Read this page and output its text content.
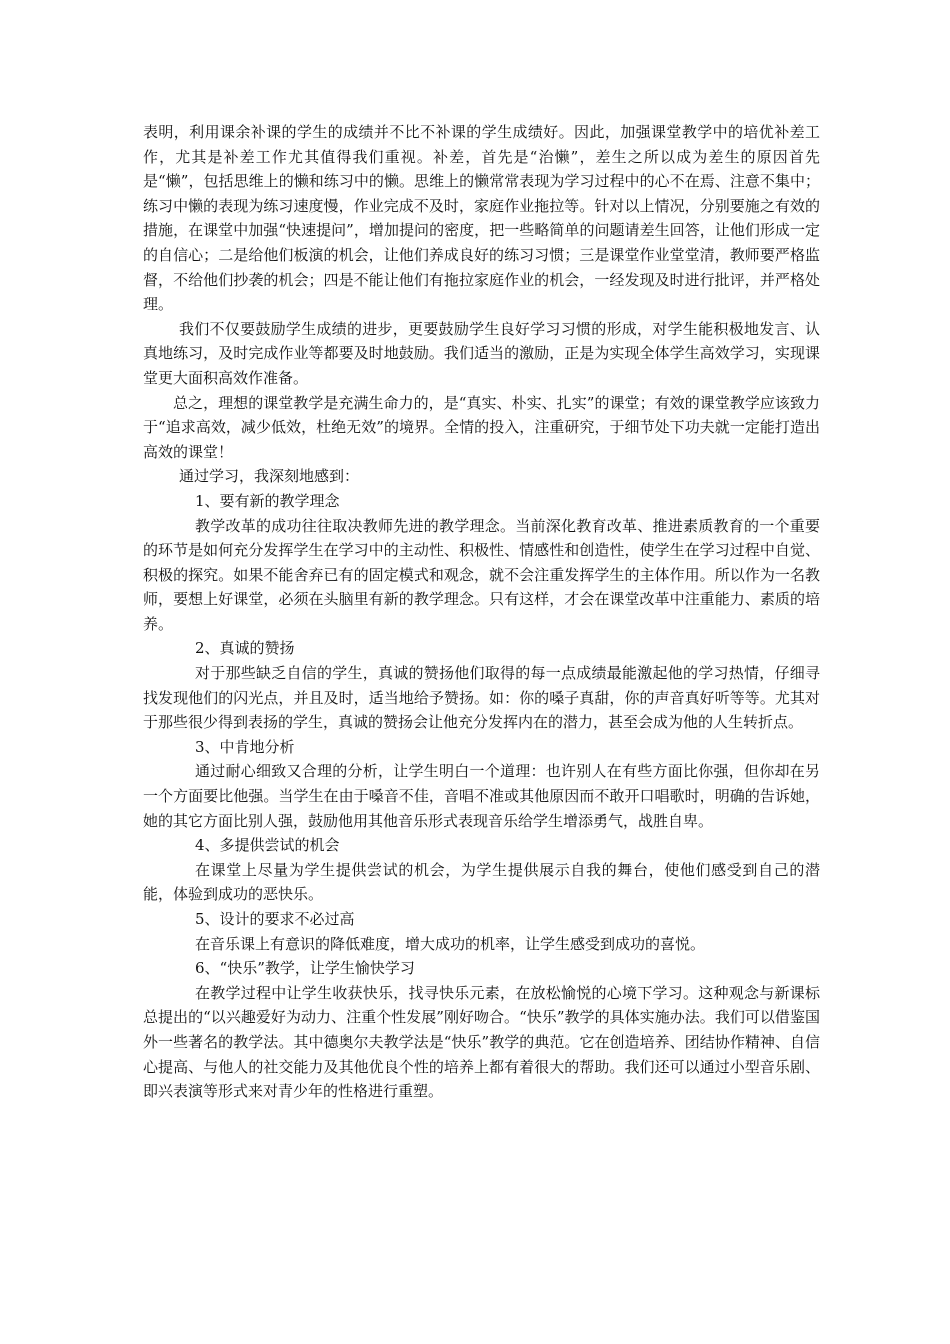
表明，利用课余补课的学生的成绩并不比不补课的学生成绩好。因此，加强课堂教学中的培优补差工作，尤其是补差工作尤其值得我们重视。补差，首先是“治懒”，差生之所以成为差生的原因首先是“懒”，包括思维上的懒和练习中的懒。思维上的懒常常表现为学习过程中的心不在焉、注意不集中；练习中懒的表现为练习速度慢，作业完成不及时，家庭作业拖拉等。针对以上情况，分别要施之有效的措施，在课堂中加强“快速提问”，增加提问的密度，把一些略简单的问题请差生回答，让他们形成一定的自信心；二是给他们板演的机会，让他们养成良好的练习习惯；三是课堂作业堂堂清，教师要严格监督，不给他们抄袭的机会；四是不能让他们有拖拉家庭作业的机会，一经发现及时进行批评，并严格处理。

我们不仅要鼓励学生成绩的进步，更要鼓励学生良好学习习惯的形成，对学生能积极地发言、认真地练习，及时完成作业等都要及时地鼓励。我们适当的激励，正是为实现全体学生高效学习，实现课堂更大面积高效作准备。

总之，理想的课堂教学是充满生命力的，是“真实、朴实、扎实”的课堂；有效的课堂教学应该致力于“追求高效，减少低效，杜绝无效”的境界。全情的投入，注重研究，于细节处下功夫就一定能打造出高效的课堂！

通过学习，我深刻地感到：

1、要有新的教学理念

教学改革的成功往往取决教师先进的教学理念。当前深化教育改革、推进素质教育的一个重要的环节是如何充分发挥学生在学习中的主动性、积极性、情感性和创造性，使学生在学习过程中自觉、积极的探究。如果不能舍弃已有的固定模式和观念，就不会注重发挥学生的主体作用。所以作为一名教师，要想上好课堂，必须在头脑里有新的教学理念。只有这样，才会在课堂改革中注重能力、素质的培养。

2、真诚的赞扬

对于那些缺乏自信的学生，真诚的赞扬他们取得的每一点成绩最能激起他的学习热情，仔细寻找发现他们的闪光点，并且及时，适当地给予赞扬。如：你的嗓子真甜，你的声音真好听等等。尤其对于那些很少得到表扬的学生，真诚的赞扬会让他充分发挥内在的潜力，甚至会成为他的人生转折点。

3、中肯地分析

通过耐心细致又合理的分析，让学生明白一个道理：也许别人在有些方面比你强，但你却在另一个方面要比他强。当学生在由于嗓音不佳，音唱不准或其他原因而不敢开口唱歌时，明确的告诉她，她的其它方面比别人强，鼓励他用其他音乐形式表现音乐给学生增添勇气，战胜自卑。

4、多提供尝试的机会

在课堂上尽量为学生提供尝试的机会，为学生提供展示自我的舞台，使他们感受到自己的潜能，体验到成功的恶快乐。

5、设计的要求不必过高

在音乐课上有意识的降低难度，增大成功的机率，让学生感受到成功的喜悦。

6、“快乐”教学，让学生愉快学习

在教学过程中让学生收获快乐，找寻快乐元素，在放松愉悦的心境下学习。这种观念与新课标总提出的“以兴趣爱好为动力、注重个性发展”刚好吻合。“快乐”教学的具体实施办法。我们可以借鉴国外一些著名的教学法。其中德奥尔夫教学法是“快乐”教学的典范。它在创造培养、团结协作精神、自信心提高、与他人的社交能力及其他优良个性的培养上都有着很大的帮助。我们还可以通过小型音乐剧、即兴表演等形式来对青少年的性格进行重塑。
